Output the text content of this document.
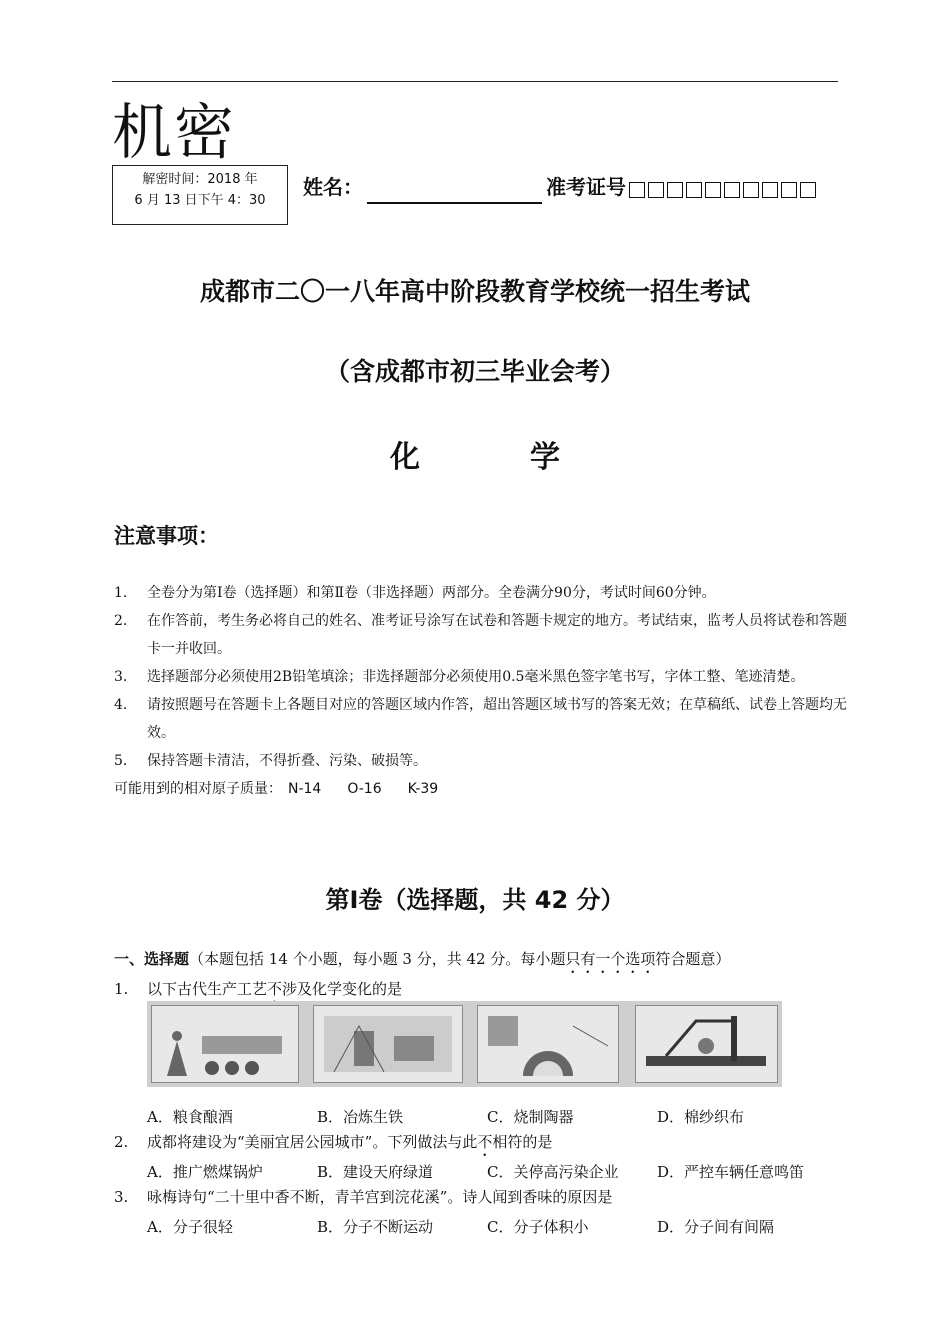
机密
解密时间：2018 年
6 月 13 日下午 4：30
姓名：	准考证号
成都市二〇一八年高中阶段教育学校统一招生考试
（含成都市初三毕业会考）
化	学
注意事项：
1． 全卷分为第Ⅰ卷（选择题）和第Ⅱ卷（非选择题）两部分。全卷满分90分，考试时间60分钟。
2． 在作答前，考生务必将自己的姓名、准考证号涂写在试卷和答题卡规定的地方。考试结束，监考人员将试卷和答题卡一并收回。
3． 选择题部分必须使用2B铅笔填涂；非选择题部分必须使用0.5毫米黑色签字笔书写，字体工整、笔迹清楚。
4． 请按照题号在答题卡上各题目对应的答题区域内作答，超出答题区域书写的答案无效；在草稿纸、试卷上答题均无效。
5． 保持答题卡清洁，不得折叠、污染、破损等。
可能用到的相对原子质量： N-14 O-16 K-39
第Ⅰ卷（选择题，共 42 分）
一、选择题（本题包括 14 个小题，每小题 3 分，共 42 分。每小题只有一个选项符合题意）
1.	以下古代生产工艺不涉及化学变化的是
A．粮食酿酒	B．冶炼生铁	C．烧制陶器	D．棉纱织布
2.	成都将建设为“美丽宜居公园城市”。下列做法与此不相符的是
A．推广燃煤锅炉	B．建设天府绿道	C．关停高污染企业	D．严控车辆任意鸣笛
3.	咏梅诗句“二十里中香不断，青羊宫到浣花溪”。诗人闻到香味的原因是
A．分子很轻	B．分子不断运动	C．分子体积小	D．分子间有间隔
